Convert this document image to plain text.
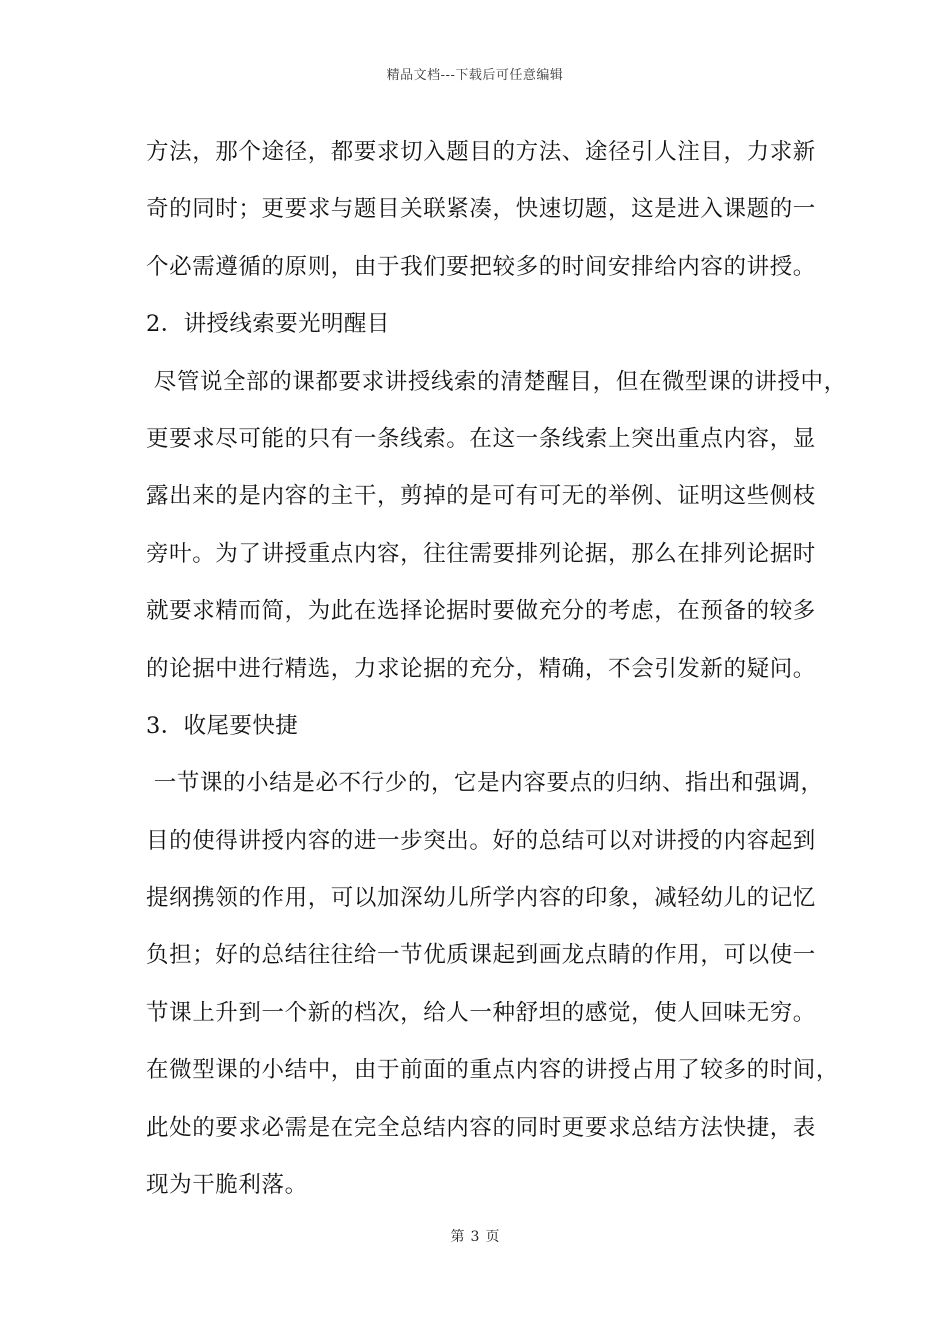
精品文档---下载后可任意编辑
方法，那个途径，都要求切入题目的方法、途径引人注目，力求新
奇的同时；更要求与题目关联紧凑，快速切题，这是进入课题的一
个必需遵循的原则，由于我们要把较多的时间安排给内容的讲授。
2．讲授线索要光明醒目
尽管说全部的课都要求讲授线索的清楚醒目，但在微型课的讲授中，
更要求尽可能的只有一条线索。在这一条线索上突出重点内容，显
露出来的是内容的主干，剪掉的是可有可无的举例、证明这些侧枝
旁叶。为了讲授重点内容，往往需要排列论据，那么在排列论据时
就要求精而简，为此在选择论据时要做充分的考虑，在预备的较多
的论据中进行精选，力求论据的充分，精确，不会引发新的疑问。
3．收尾要快捷
一节课的小结是必不行少的，它是内容要点的归纳、指出和强调，
目的使得讲授内容的进一步突出。好的总结可以对讲授的内容起到
提纲携领的作用，可以加深幼儿所学内容的印象，减轻幼儿的记忆
负担；好的总结往往给一节优质课起到画龙点睛的作用，可以使一
节课上升到一个新的档次，给人一种舒坦的感觉，使人回味无穷。
在微型课的小结中，由于前面的重点内容的讲授占用了较多的时间，
此处的要求必需是在完全总结内容的同时更要求总结方法快捷，表
现为干脆利落。
第 3 页
